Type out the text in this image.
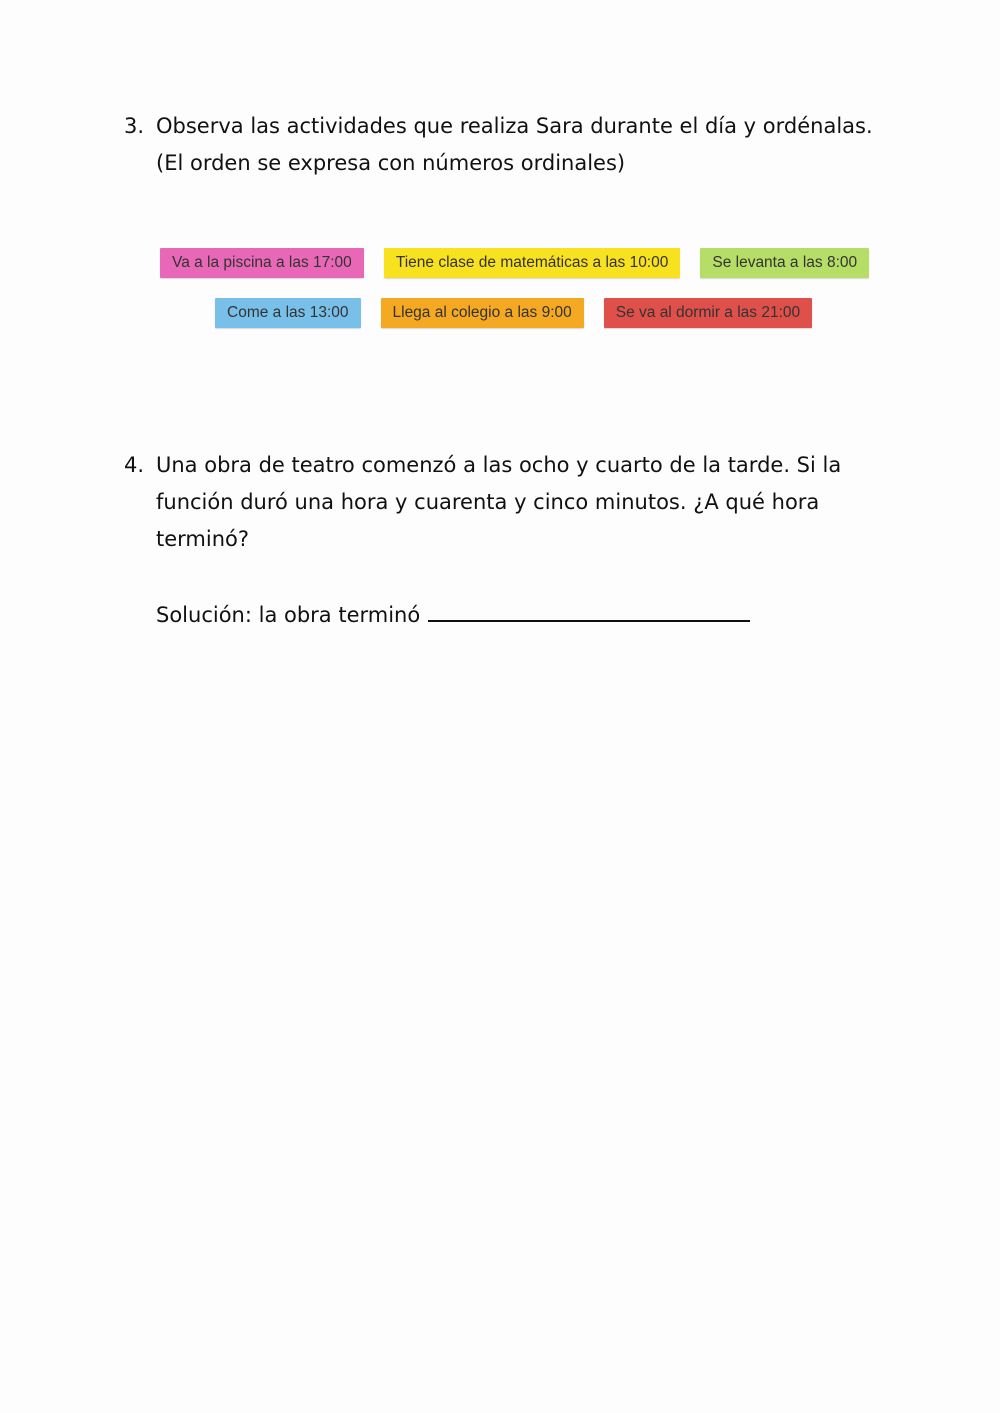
3. Observa las actividades que realiza Sara durante el día y ordénalas.
(El orden se expresa con números ordinales)
Va a la piscina a las 17:00	Tiene clase de matemáticas a las 10:00	Se levanta a las 8:00
Come a las 13:00	Llega al colegio a las 9:00	Se va al dormir a las 21:00
4. Una obra de teatro comenzó a las ocho y cuarto de la tarde. Si la
función duró una hora y cuarenta y cinco minutos. ¿A qué hora
terminó?
Solución: la obra terminó
